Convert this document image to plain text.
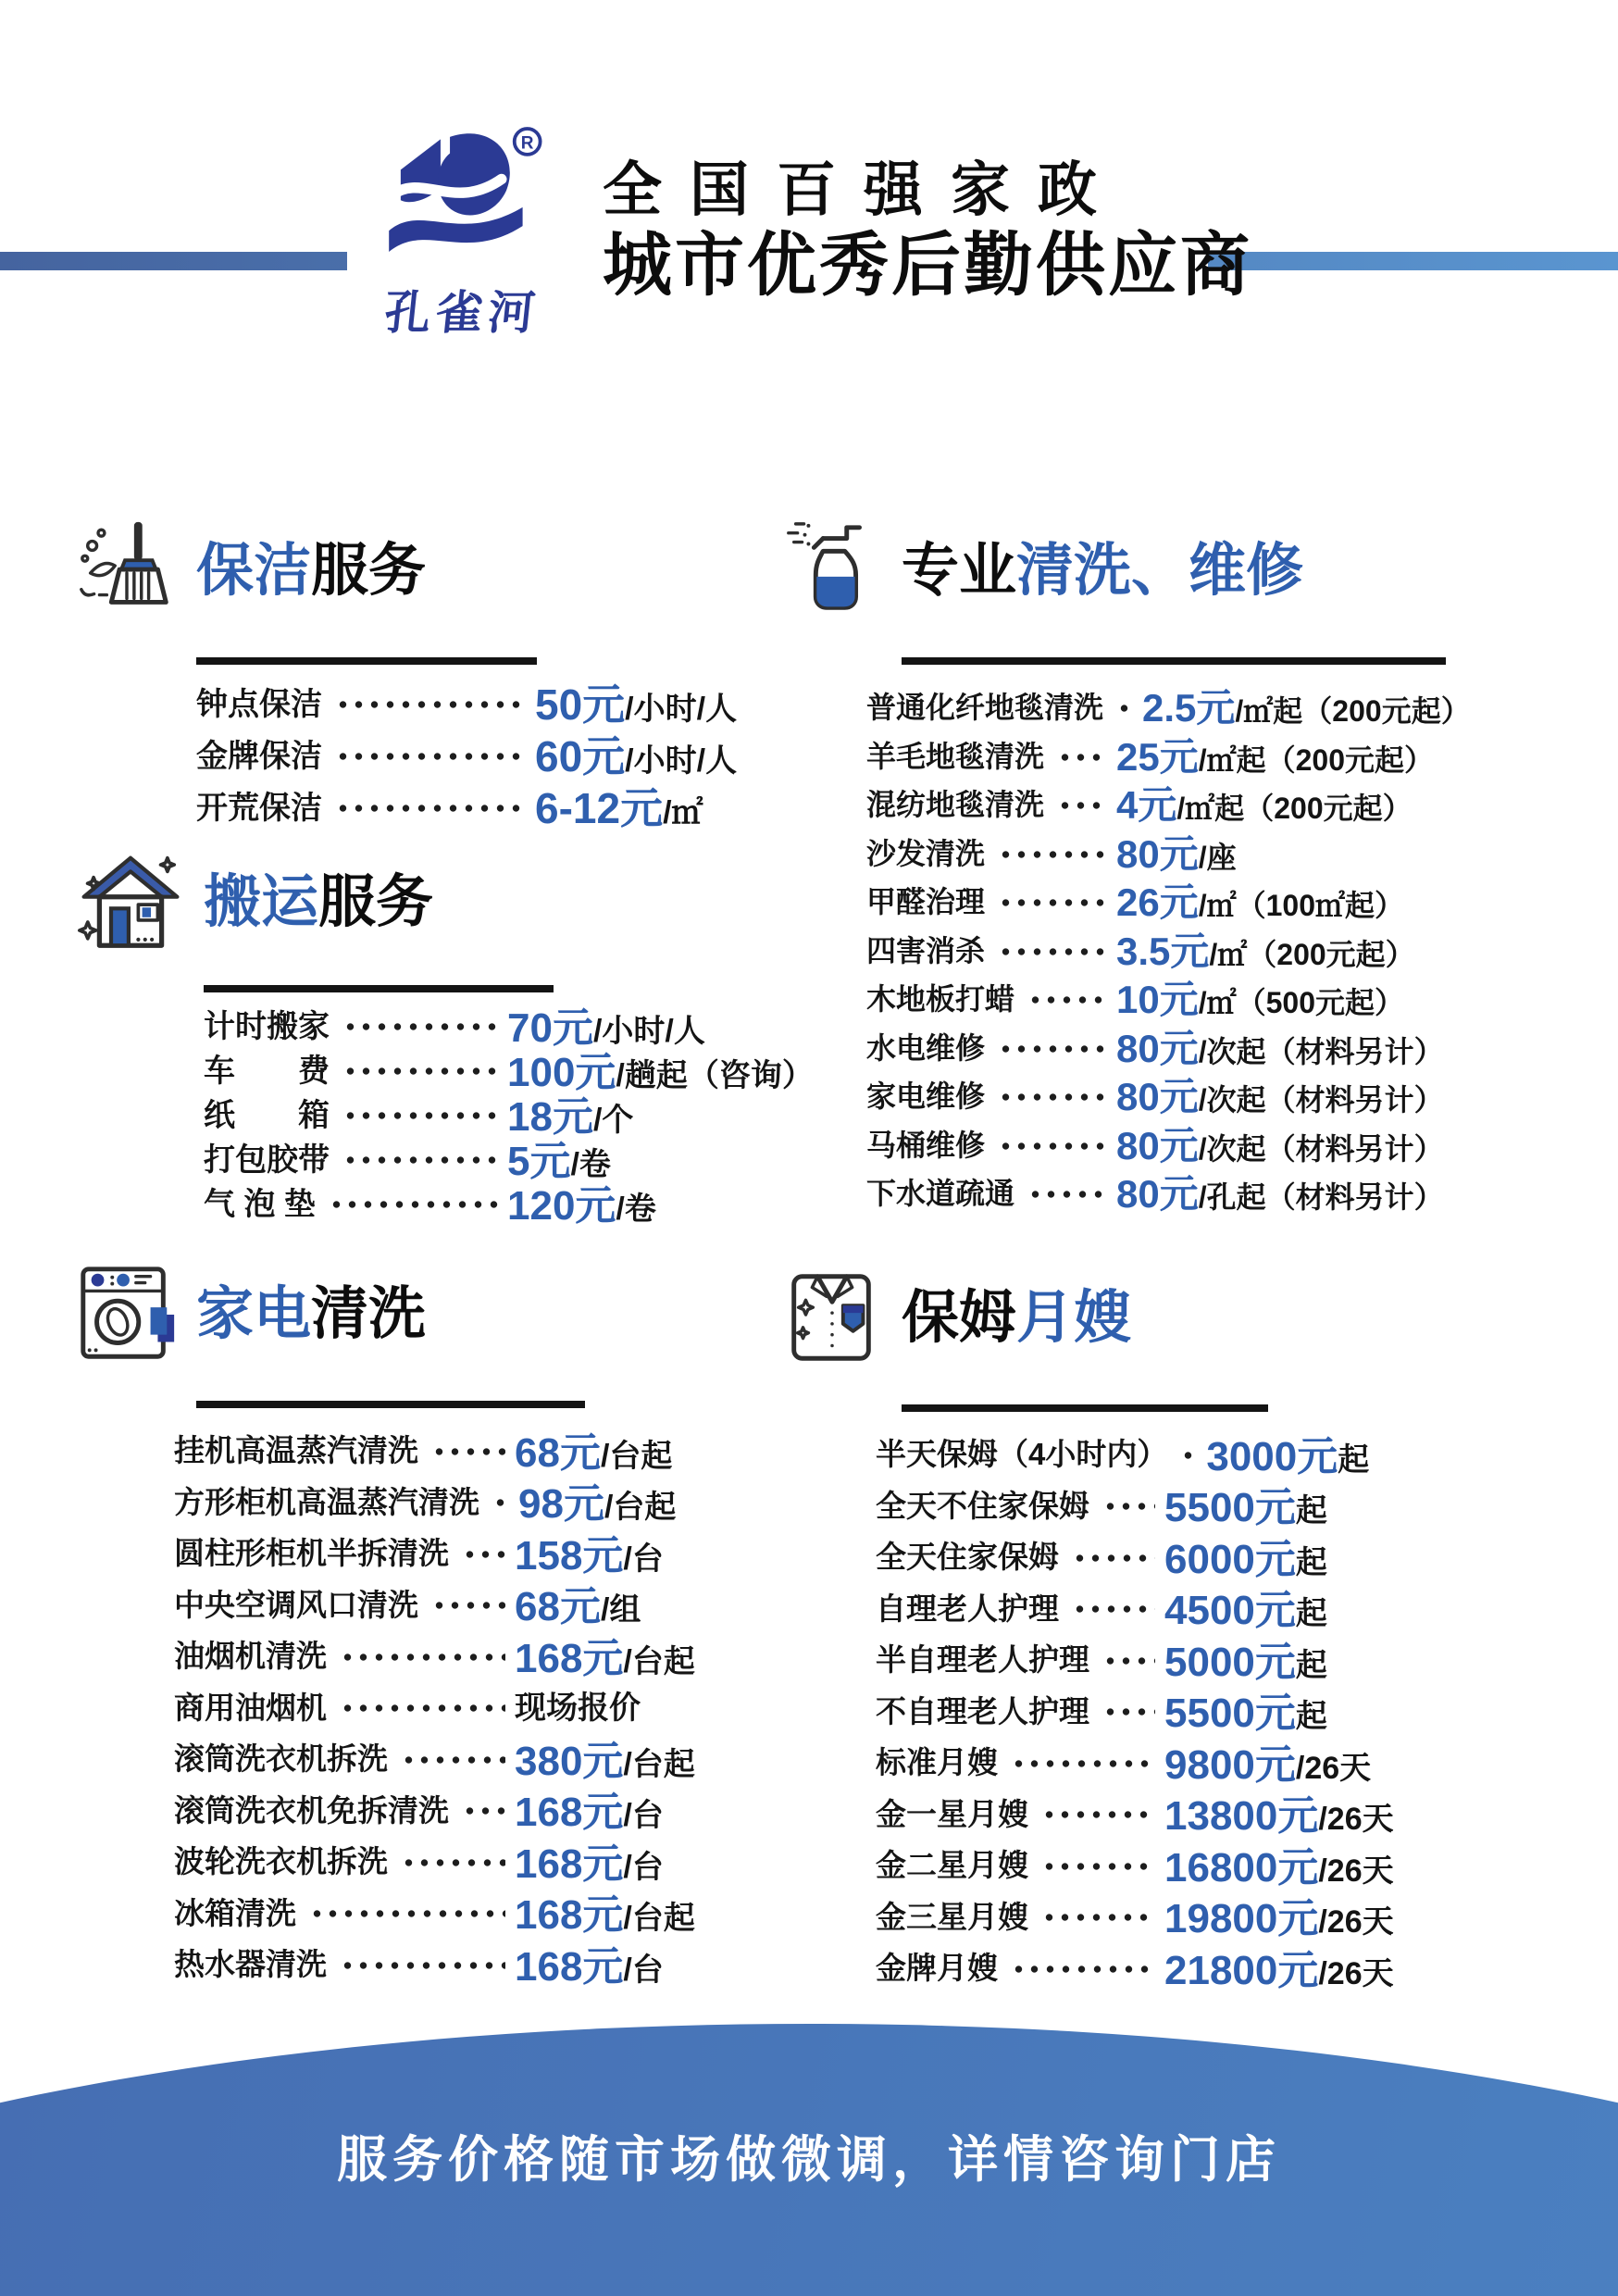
R
孔雀河
全国百强家政
城市优秀后勤供应商
保洁服务
钟点保洁	50元/小时/人
金牌保洁	60元/小时/人
开荒保洁	6-12元/㎡
搬运服务
计时搬家	70元/小时/人
车　　费	100元/趟起（咨询）
纸　　箱	18元/个
打包胶带	5元/卷
气 泡 垫	120元/卷
专业清洗、维修
普通化纤地毯清洗 2.5元/㎡起（200元起）
羊毛地毯清洗 25元/㎡起（200元起）
混纺地毯清洗 4元/㎡起（200元起）
沙发清洗	80元/座
甲醛治理	26元/㎡（100㎡起）
四害消杀	3.5元/㎡（200元起）
木地板打蜡	10元/㎡（500元起）
水电维修	80元/次起（材料另计）
家电维修	80元/次起（材料另计）
马桶维修	80元/次起（材料另计）
下水道疏通	80元/孔起（材料另计）
家电清洗
挂机高温蒸汽清洗 68元/台起
方形柜机高温蒸汽清洗 98元/台起
圆柱形柜机半拆清洗 158元/台
中央空调风口清洗 68元/组
油烟机清洗	168元/台起
商用油烟机	现场报价
滚筒洗衣机拆洗	380元/台起
滚筒洗衣机免拆清洗 168元/台
波轮洗衣机拆洗	168元/台
冰箱清洗	168元/台起
热水器清洗	168元/台
保姆月嫂
半天保姆（4小时内） 3000元起
全天不住家保姆 5500元起
全天住家保姆	6000元起
自理老人护理	4500元起
半自理老人护理 5000元起
不自理老人护理 5500元起
标准月嫂	9800元/26天
金一星月嫂	13800元/26天
金二星月嫂	16800元/26天
金三星月嫂	19800元/26天
金牌月嫂	21800元/26天
服务价格随市场做微调，详情咨询门店
